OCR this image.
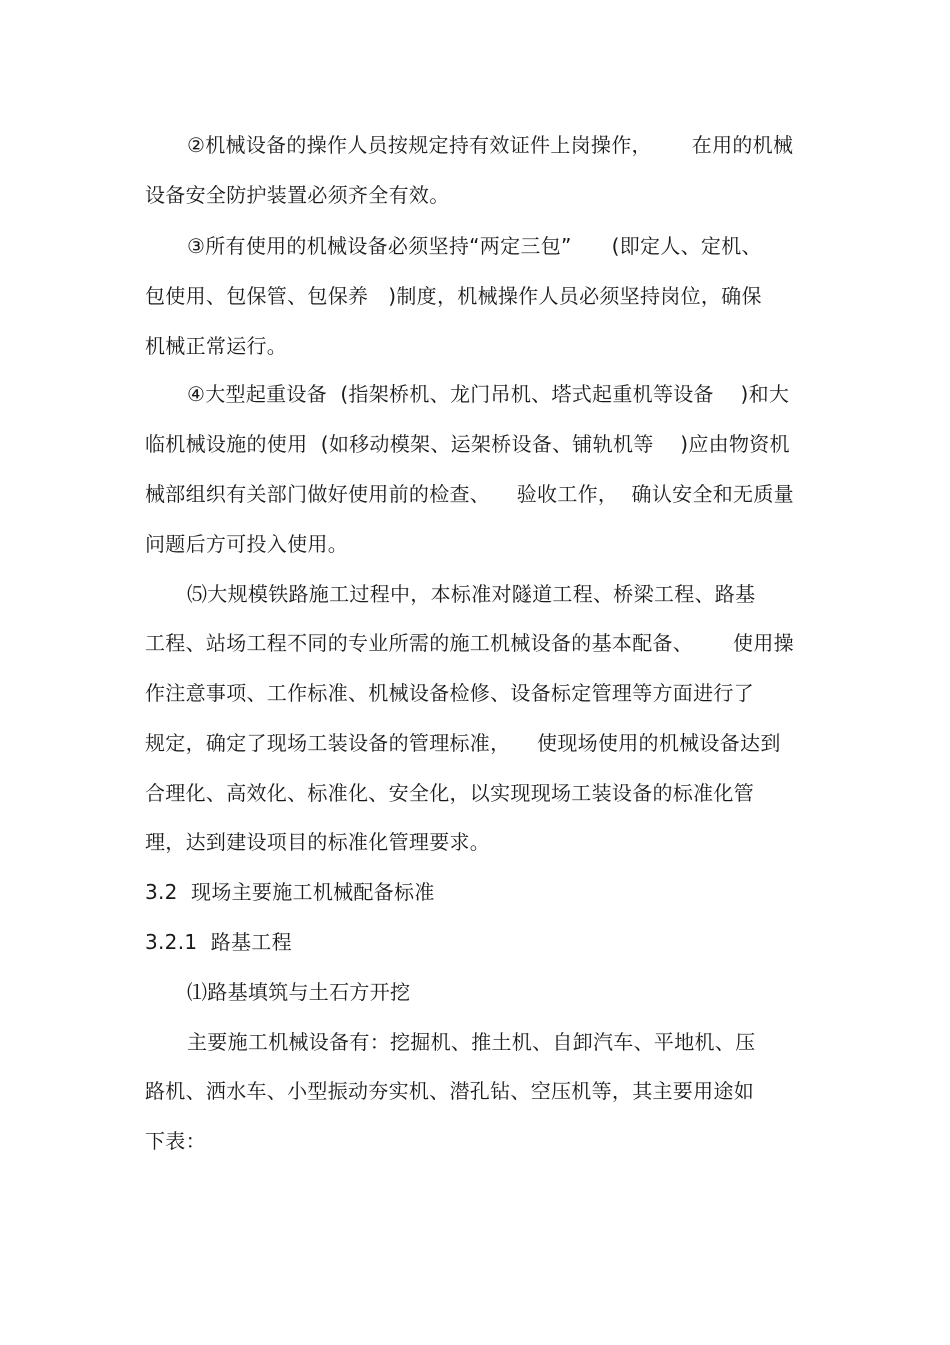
②机械设备的操作人员按规定持有效证件上岗操作，      在用的机械
设备安全防护装置必须齐全有效。
③所有使用的机械设备必须坚持“两定三包”      (即定人、定机、
包使用、包保管、包保养   )制度，机械操作人员必须坚持岗位，确保
机械正常运行。
④大型起重设备  (指架桥机、龙门吊机、塔式起重机等设备    )和大
临机械设施的使用  (如移动模架、运架桥设备、铺轨机等    )应由物资机
械部组织有关部门做好使用前的检查、    验收工作，  确认安全和无质量
问题后方可投入使用。
⑸大规模铁路施工过程中，本标准对隧道工程、桥梁工程、路基
工程、站场工程不同的专业所需的施工机械设备的基本配备、      使用操
作注意事项、工作标准、机械设备检修、设备标定管理等方面进行了
规定，确定了现场工装设备的管理标准，    使现场使用的机械设备达到
合理化、高效化、标准化、安全化，以实现现场工装设备的标准化管
理，达到建设项目的标准化管理要求。
3.2  现场主要施工机械配备标准
3.2.1  路基工程
⑴路基填筑与土石方开挖
主要施工机械设备有：挖掘机、推土机、自卸汽车、平地机、压
路机、洒水车、小型振动夯实机、潜孔钻、空压机等，其主要用途如
下表：
